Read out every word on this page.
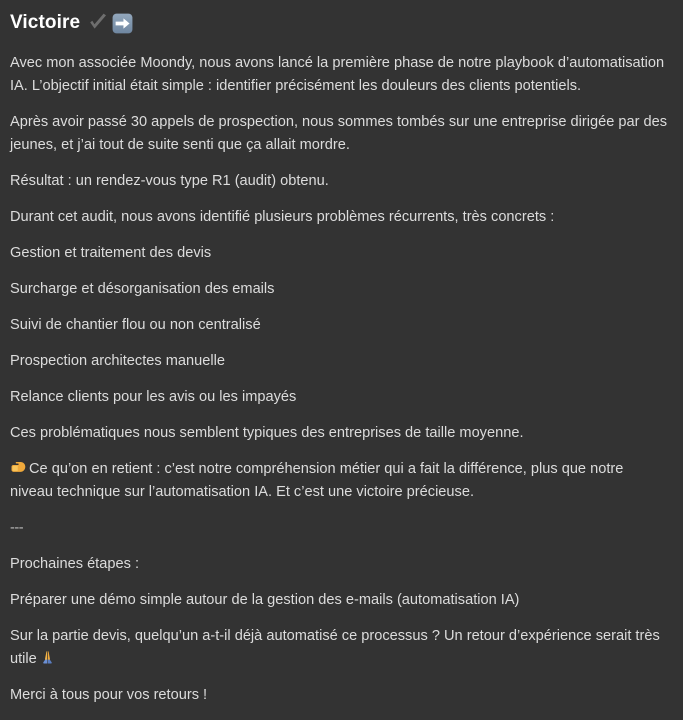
Victoire

Avec mon associée Moondy, nous avons lancé la première phase de notre playbook d’automatisation IA. L’objectif initial était simple : identifier précisément les douleurs des clients potentiels.

Après avoir passé 30 appels de prospection, nous sommes tombés sur une entreprise dirigée par des jeunes, et j’ai tout de suite senti que ça allait mordre.

Résultat : un rendez-vous type R1 (audit) obtenu.

Durant cet audit, nous avons identifié plusieurs problèmes récurrents, très concrets :

Gestion et traitement des devis

Surcharge et désorganisation des emails

Suivi de chantier flou ou non centralisé

Prospection architectes manuelle

Relance clients pour les avis ou les impayés

Ces problématiques nous semblent typiques des entreprises de taille moyenne.

Ce qu’on en retient : c’est notre compréhension métier qui a fait la différence, plus que notre niveau technique sur l’automatisation IA. Et c’est une victoire précieuse.

---

Prochaines étapes :

Préparer une démo simple autour de la gestion des e-mails (automatisation IA)

Sur la partie devis, quelqu’un a-t-il déjà automatisé ce processus ? Un retour d’expérience serait très utile

Merci à tous pour vos retours !
